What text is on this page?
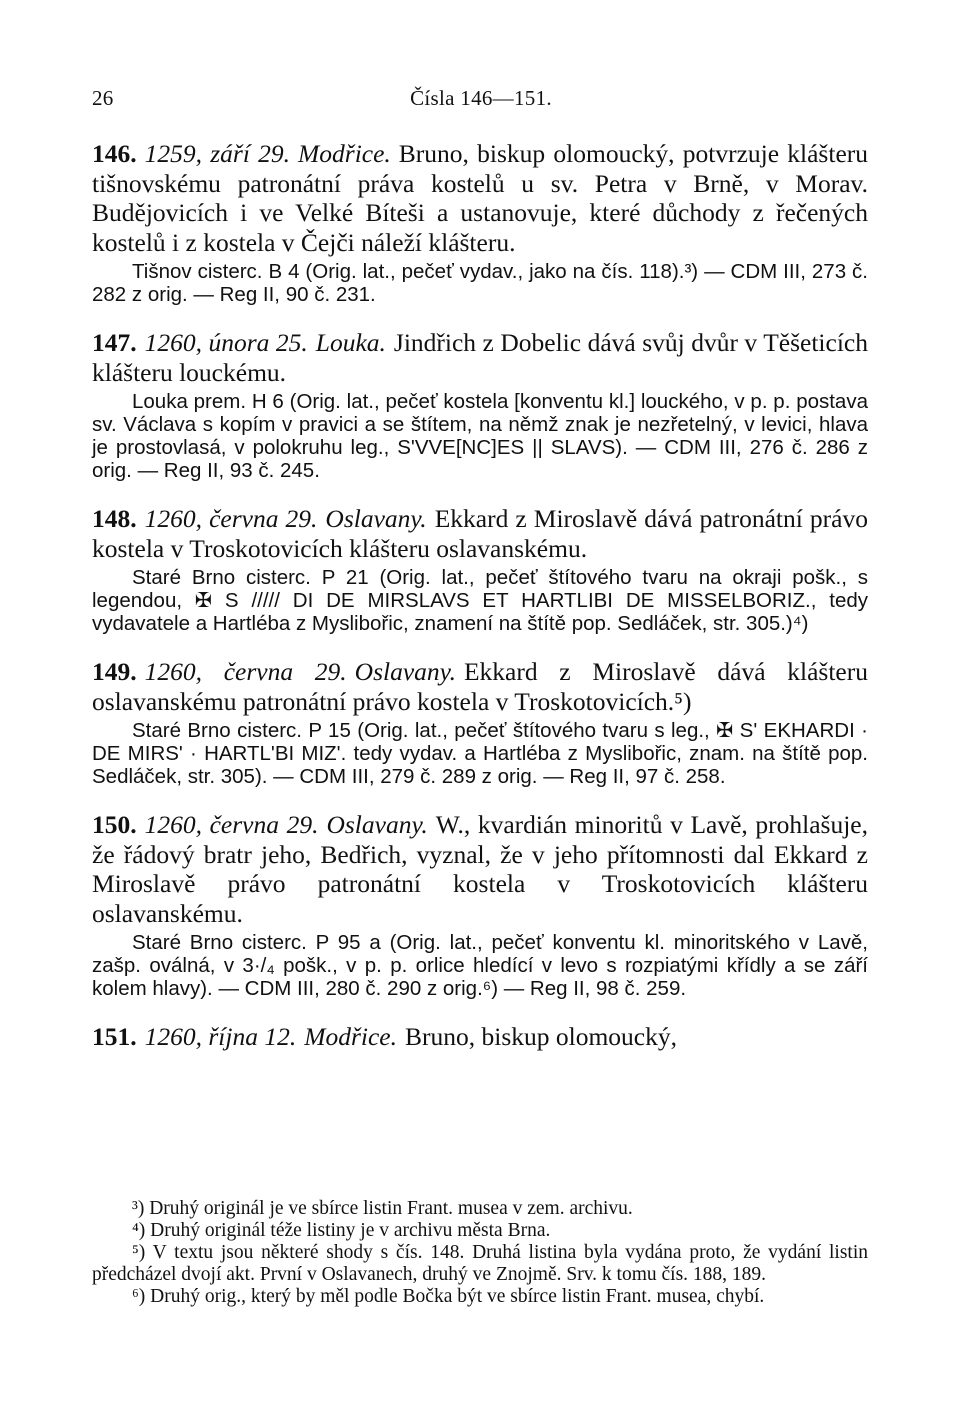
26	Čísla 146—151.

146. 1259, září 29. Modřice. Bruno, biskup olomoucký, potvrzuje klášteru tišnovskému patronátní práva kostelů u sv. Petra v Brně, v Morav. Budějovicích i ve Velké Bíteši a ustanovuje, které důchody z řečených kostelů i z kostela v Čejči náleží klášteru.

Tišnov cisterc. B 4 (Orig. lat., pečeť vydav., jako na čís. 118).³) — CDM III, 273 č. 282 z orig. — Reg II, 90 č. 231.

147. 1260, února 25. Louka. Jindřich z Dobelic dává svůj dvůr v Těšeticích klášteru louckému.

Louka prem. H 6 (Orig. lat., pečeť kostela [konventu kl.] louckého, v p. p. postava sv. Václava s kopím v pravici a se štítem, na němž znak je nezřetelný, v levici, hlava je prostovlasá, v polokruhu leg., S'VVE[NC]ES || SLAVS). — CDM III, 276 č. 286 z orig. — Reg II, 93 č. 245.

148. 1260, června 29. Oslavany. Ekkard z Miroslavě dává patronátní právo kostela v Troskotovicích klášteru oslavanskému.

Staré Brno cisterc. P 21 (Orig. lat., pečeť štítového tvaru na okraji pošk., s legendou, ✠ S ///// DI DE MIRSLAVS ET HARTLIBI DE MISSELBORIZ., tedy vydavatele a Hartléba z Myslibořic, znamení na štítě pop. Sedláček, str. 305.)⁴)

149. 1260, června 29. Oslavany. Ekkard z Miroslavě dává klášteru oslavanskému patronátní právo kostela v Troskotovicích.⁵)

Staré Brno cisterc. P 15 (Orig. lat., pečeť štítového tvaru s leg., ✠ S' EKHARDI · DE MIRS' · HARTL'BI MIZ'. tedy vydav. a Hartléba z Myslibořic, znam. na štítě pop. Sedláček, str. 305). — CDM III, 279 č. 289 z orig. — Reg II, 97 č. 258.

150. 1260, června 29. Oslavany. W., kvardián minoritů v Lavě, prohlašuje, že řádový bratr jeho, Bedřich, vyznal, že v jeho přítomnosti dal Ekkard z Miroslavě právo patronátní kostela v Troskotovicích klášteru oslavanskému.

Staré Brno cisterc. P 95 a (Orig. lat., pečeť konventu kl. minoritského v Lavě, zašp. oválná, v 3·/₄ pošk., v p. p. orlice hledící v levo s rozpiatými křídly a se září kolem hlavy). — CDM III, 280 č. 290 z orig.⁶) — Reg II, 98 č. 259.

151. 1260, října 12. Modřice. Bruno, biskup olomoucký,

³) Druhý originál je ve sbírce listin Frant. musea v zem. archivu.

⁴) Druhý originál téže listiny je v archivu města Brna.

⁵) V textu jsou některé shody s čís. 148. Druhá listina byla vydána proto, že vydání listin předcházel dvojí akt. První v Oslavanech, druhý ve Znojmě. Srv. k tomu čís. 188, 189.

⁶) Druhý orig., který by měl podle Bočka být ve sbírce listin Frant. musea, chybí.
